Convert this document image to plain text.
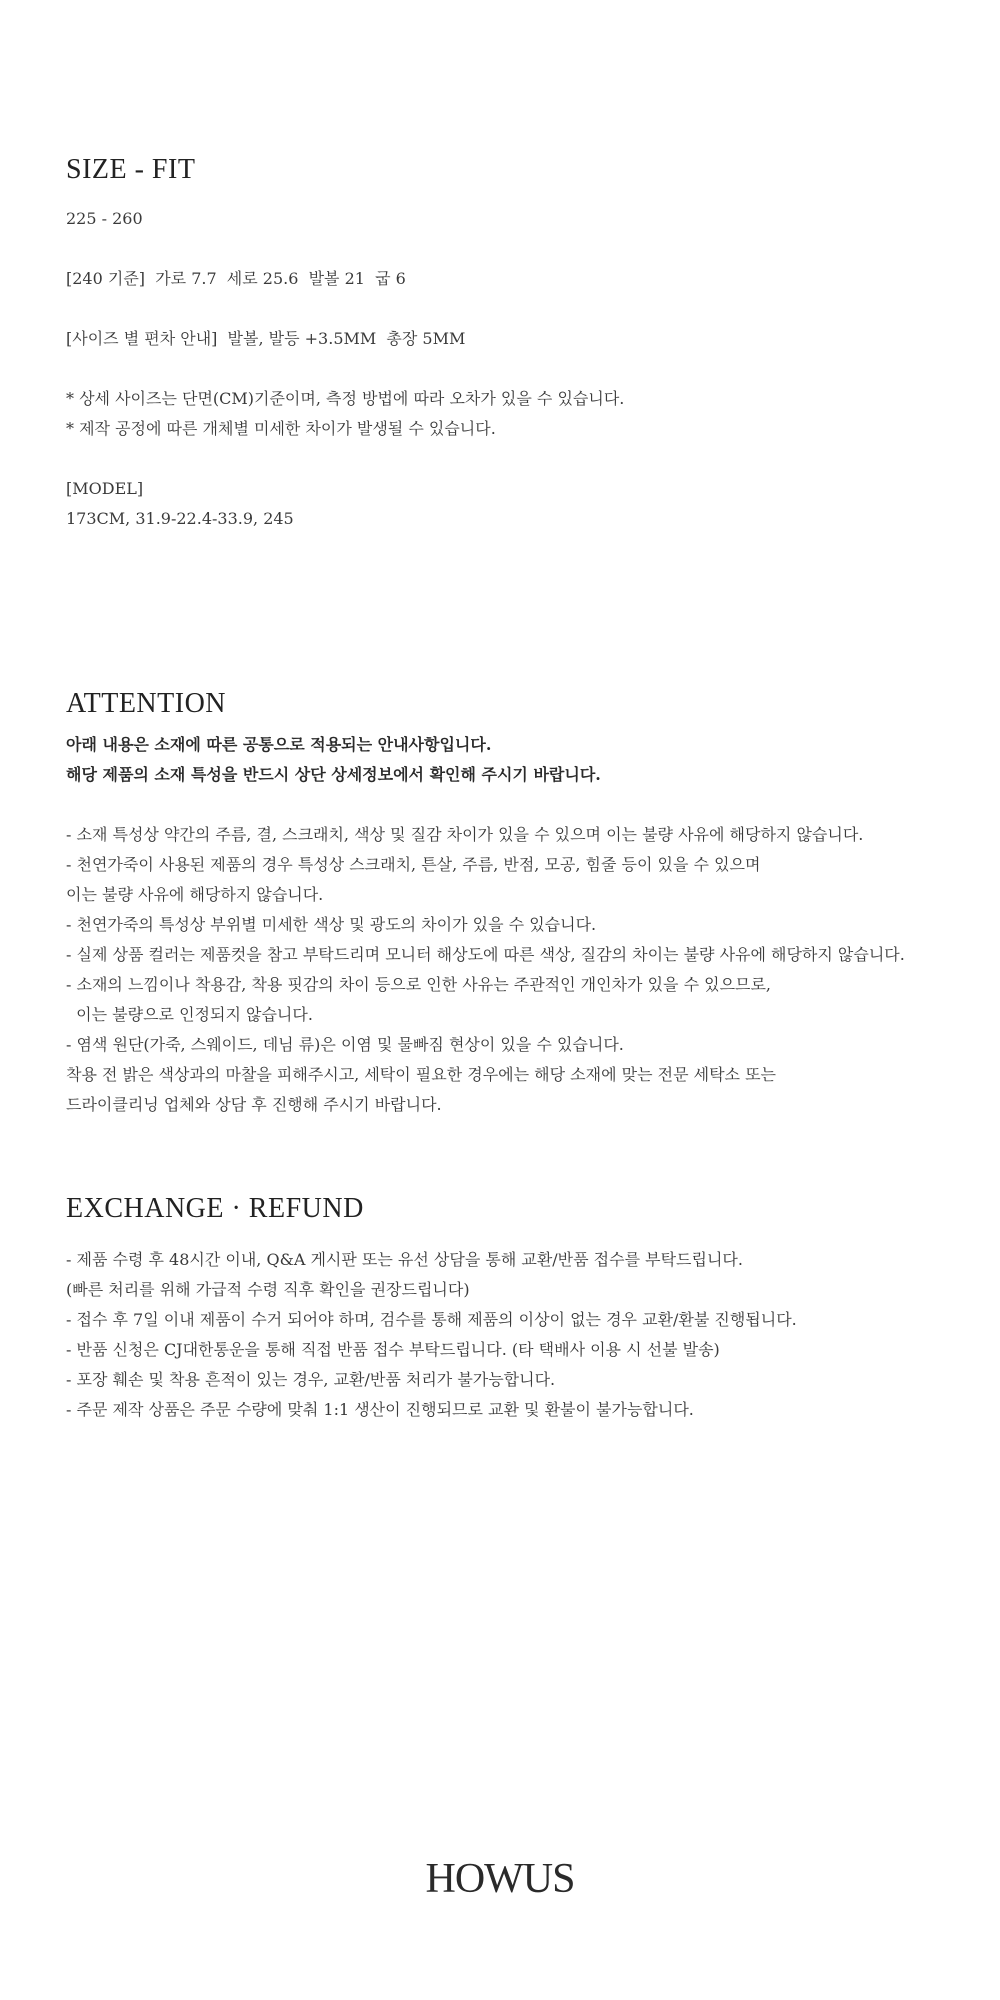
SIZE - FIT
225 - 260
[240 기준]  가로 7.7  세로 25.6  발볼 21  굽 6
[사이즈 별 편차 안내]  발볼, 발등 +3.5MM  총장 5MM
* 상세 사이즈는 단면(CM)기준이며, 측정 방법에 따라 오차가 있을 수 있습니다.
* 제작 공정에 따른 개체별 미세한 차이가 발생될 수 있습니다.
[MODEL]
173CM, 31.9-22.4-33.9, 245
ATTENTION
아래 내용은 소재에 따른 공통으로 적용되는 안내사항입니다.
해당 제품의 소재 특성을 반드시 상단 상세정보에서 확인해 주시기 바랍니다.
- 소재 특성상 약간의 주름, 결, 스크래치, 색상 및 질감 차이가 있을 수 있으며 이는 불량 사유에 해당하지 않습니다.
- 천연가죽이 사용된 제품의 경우 특성상 스크래치, 튼살, 주름, 반점, 모공, 힘줄 등이 있을 수 있으며
이는 불량 사유에 해당하지 않습니다.
- 천연가죽의 특성상 부위별 미세한 색상 및 광도의 차이가 있을 수 있습니다.
- 실제 상품 컬러는 제품컷을 참고 부탁드리며 모니터 해상도에 따른 색상, 질감의 차이는 불량 사유에 해당하지 않습니다.
- 소재의 느낌이나 착용감, 착용 핏감의 차이 등으로 인한 사유는 주관적인 개인차가 있을 수 있으므로,
이는 불량으로 인정되지 않습니다.
- 염색 원단(가죽, 스웨이드, 데님 류)은 이염 및 물빠짐 현상이 있을 수 있습니다.
착용 전 밝은 색상과의 마찰을 피해주시고, 세탁이 필요한 경우에는 해당 소재에 맞는 전문 세탁소 또는
드라이클리닝 업체와 상담 후 진행해 주시기 바랍니다.
EXCHANGE · REFUND
- 제품 수령 후 48시간 이내, Q&A 게시판 또는 유선 상담을 통해 교환/반품 접수를 부탁드립니다.
(빠른 처리를 위해 가급적 수령 직후 확인을 권장드립니다)
- 접수 후 7일 이내 제품이 수거 되어야 하며, 검수를 통해 제품의 이상이 없는 경우 교환/환불 진행됩니다.
- 반품 신청은 CJ대한통운을 통해 직접 반품 접수 부탁드립니다. (타 택배사 이용 시 선불 발송)
- 포장 훼손 및 착용 흔적이 있는 경우, 교환/반품 처리가 불가능합니다.
- 주문 제작 상품은 주문 수량에 맞춰 1:1 생산이 진행되므로 교환 및 환불이 불가능합니다.
HOWUS
